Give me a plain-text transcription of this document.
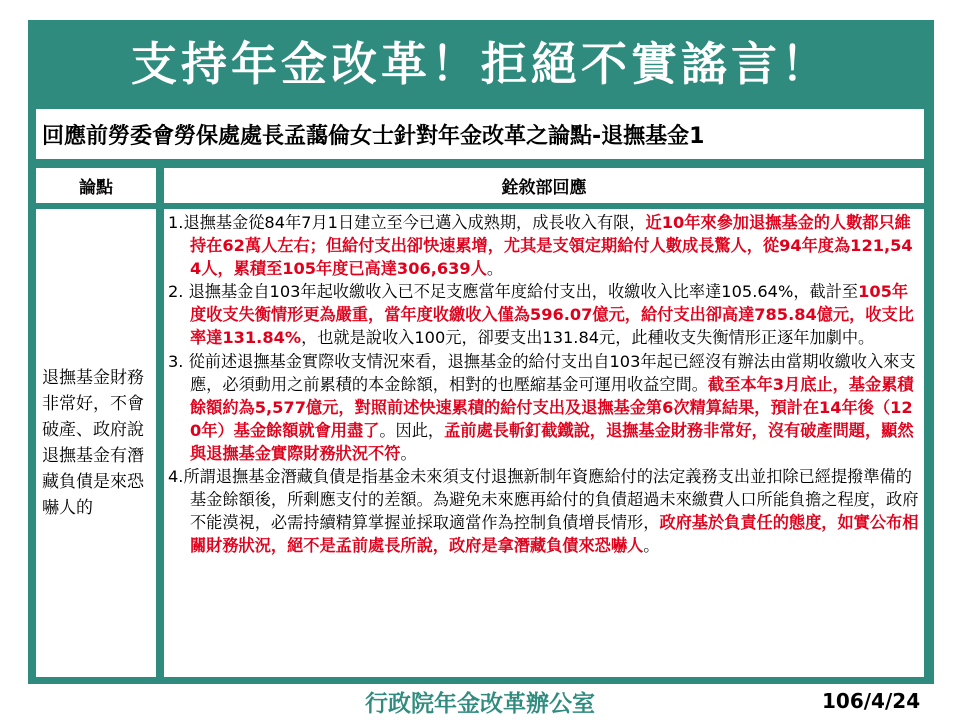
支持年金改革！拒絕不實謠言！
回應前勞委會勞保處處長孟藹倫女士針對年金改革之論點-退撫基金1
論點	銓敘部回應
退撫基金財務非常好，不會破產、政府說退撫基金有潛藏負債是來恐嚇人的
1.退撫基金從84年7月1日建立至今已邁入成熟期，成長收入有限，近10年來參加退撫基金的人數都只維持在62萬人左右；但給付支出卻快速累增，尤其是支領定期給付人數成長驚人，從94年度為121,544人，累積至105年度已高達306,639人。
2. 退撫基金自103年起收繳收入已不足支應當年度給付支出，收繳收入比率達105.64%，截計至105年度收支失衡情形更為嚴重，當年度收繳收入僅為596.07億元，給付支出卻高達785.84億元，收支比率達131.84%，也就是說收入100元，卻要支出131.84元，此種收支失衡情形正逐年加劇中。
3. 從前述退撫基金實際收支情況來看，退撫基金的給付支出自103年起已經沒有辦法由當期收繳收入來支應，必須動用之前累積的本金餘額，相對的也壓縮基金可運用收益空間。截至本年3月底止，基金累積餘額約為5,577億元，對照前述快速累積的給付支出及退撫基金第6次精算結果，預計在14年後（120年）基金餘額就會用盡了。因此，孟前處長斬釘截鐵說，退撫基金財務非常好，沒有破產問題，顯然與退撫基金實際財務狀況不符。
4.所謂退撫基金潛藏負債是指基金未來須支付退撫新制年資應給付的法定義務支出並扣除已經提撥準備的基金餘額後，所剩應支付的差額。為避免未來應再給付的負債超過未來繳費人口所能負擔之程度，政府不能漠視，必需持續精算掌握並採取適當作為控制負債增長情形，政府基於負責任的態度，如實公布相關財務狀況，絕不是孟前處長所說，政府是拿潛藏負債來恐嚇人。
行政院年金改革辦公室	106/4/24
